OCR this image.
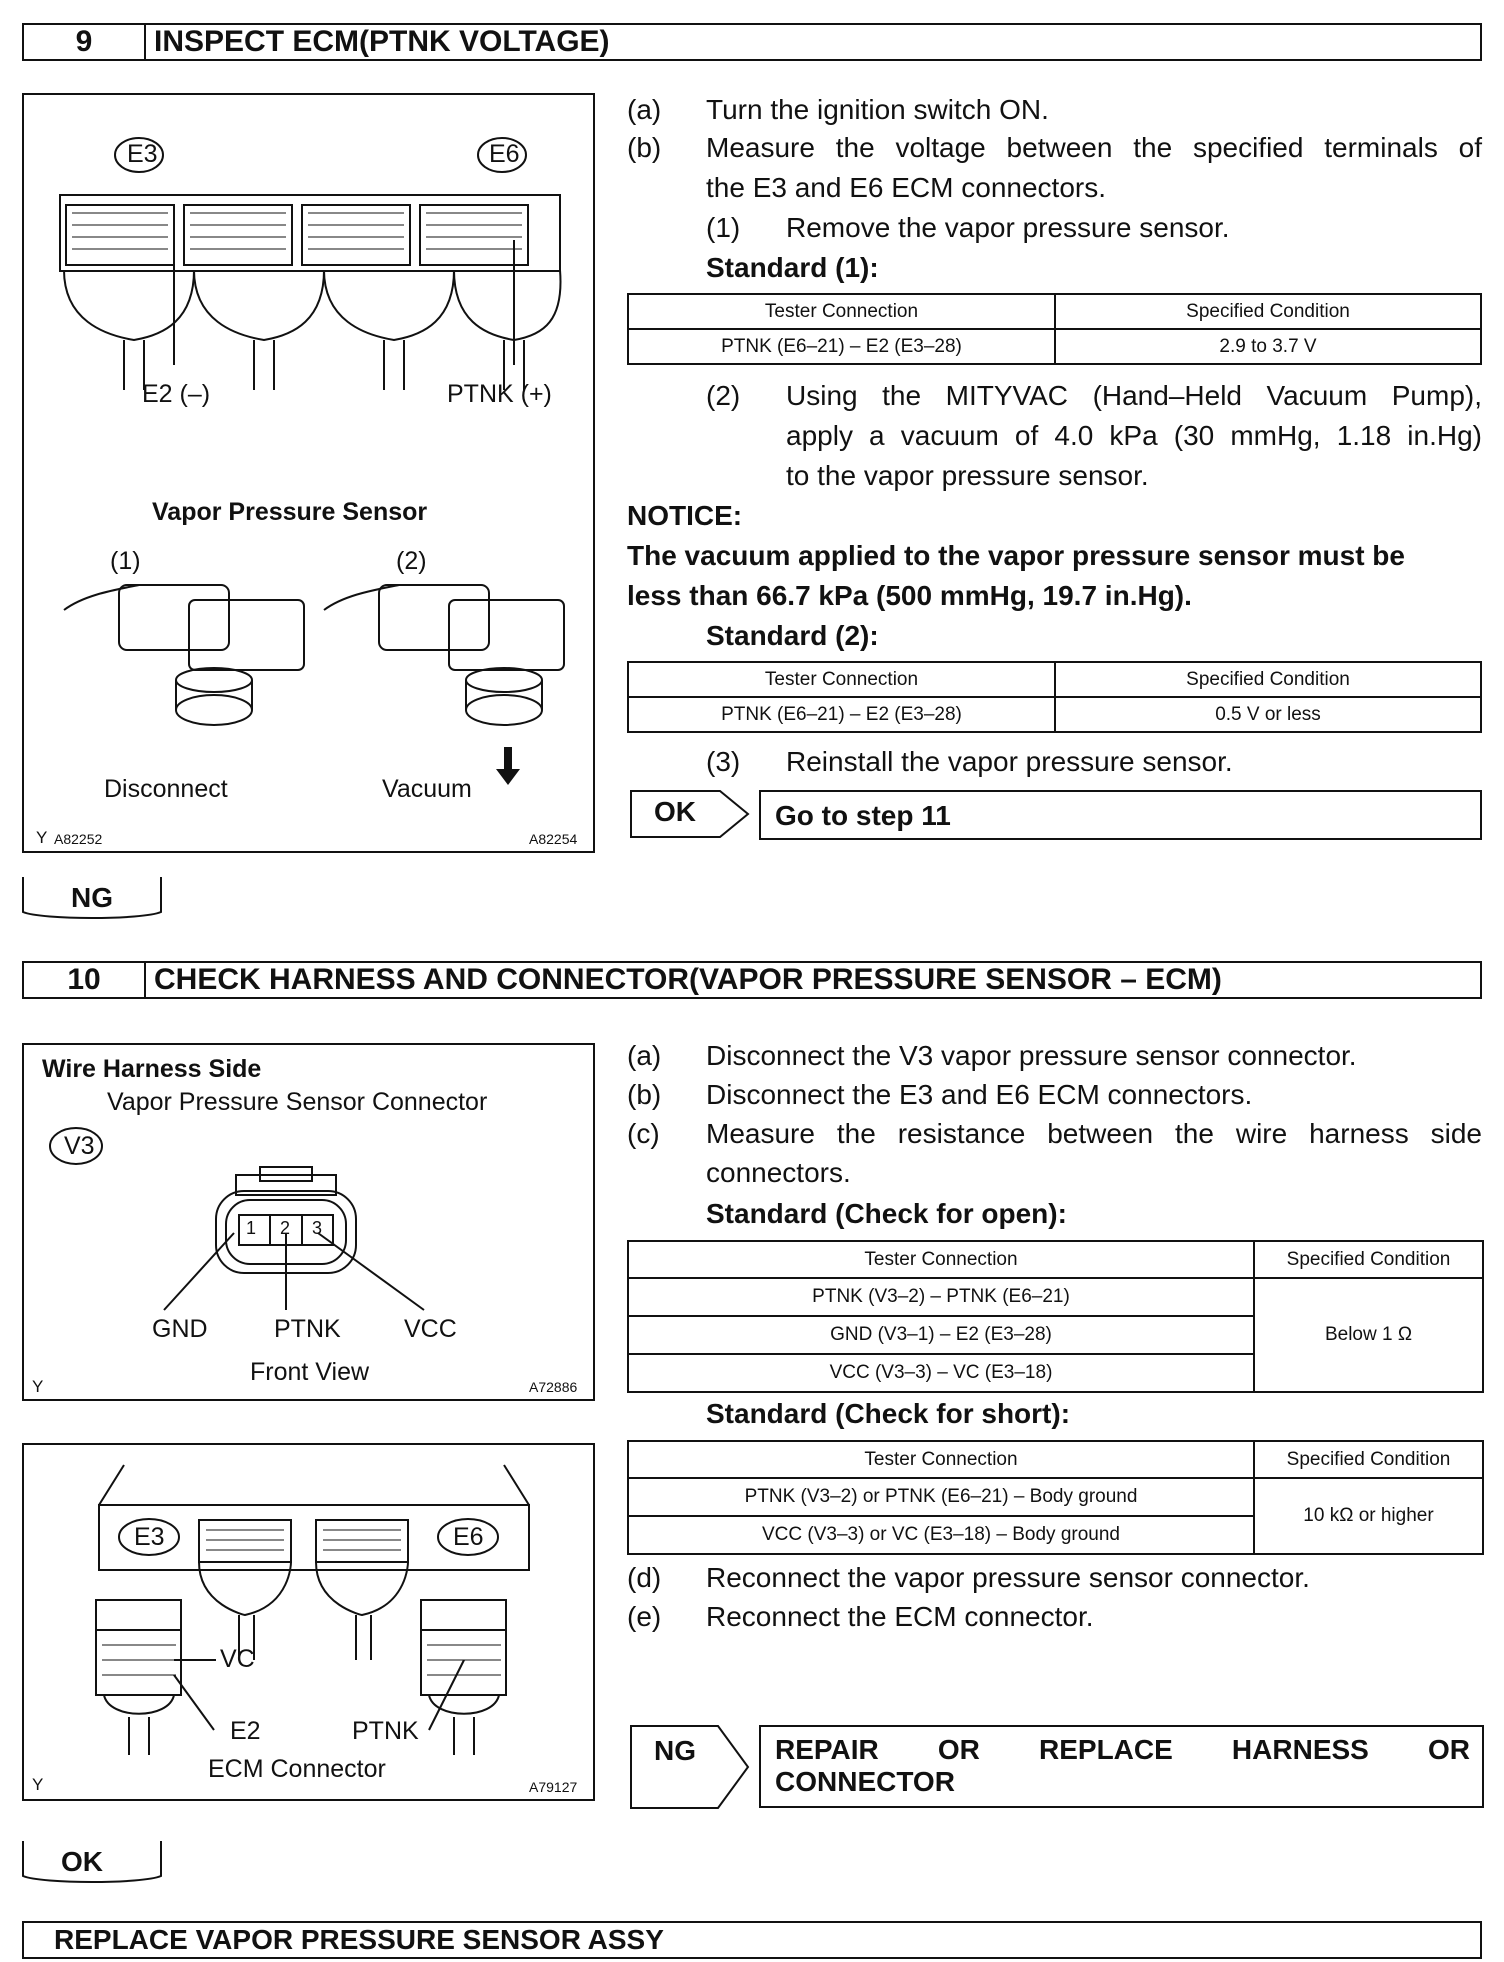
9	INSPECT ECM(PTNK VOLTAGE)
E3	E6
E2 (–)	PTNK (+)
Vapor Pressure Sensor
(1)	(2)
Disconnect	Vacuum
Y A82252	A82254
(a) Turn the ignition switch ON.
(b) Measure the voltage between the specified terminals of
the E3 and E6 ECM connectors.
(1) Remove the vapor pressure sensor.
Standard (1):
Tester Connection	Specified Condition
PTNK (E6–21) – E2 (E3–28)	2.9 to 3.7 V
(2) Using the MITYVAC (Hand–Held Vacuum Pump),
apply a vacuum of 4.0 kPa (30 mmHg, 1.18 in.Hg)
to the vapor pressure sensor.
NOTICE:
The vacuum applied to the vapor pressure sensor must be
less than 66.7 kPa (500 mmHg, 19.7 in.Hg).
Standard (2):
Tester Connection	Specified Condition
PTNK (E6–21) – E2 (E3–28)	0.5 V or less
(3) Reinstall the vapor pressure sensor.
OK	Go to step 11
NG
10	CHECK HARNESS AND CONNECTOR(VAPOR PRESSURE SENSOR – ECM)
Wire Harness Side
Vapor Pressure Sensor Connector
V3
1 2 3
GND	PTNK	VCC
Front View
Y	A72886
E3	E6
VC
E2	PTNK
ECM Connector
Y	A79127
(a) Disconnect the V3 vapor pressure sensor connector.
(b) Disconnect the E3 and E6 ECM connectors.
(c) Measure the resistance between the wire harness side
connectors.
Standard (Check for open):
Tester Connection	Specified Condition
PTNK (V3–2) – PTNK (E6–21)	Below 1 Ω
GND (V3–1) – E2 (E3–28)	
VCC (V3–3) – VC (E3–18)	
Standard (Check for short):
Tester Connection	Specified Condition
PTNK (V3–2) or PTNK (E6–21) – Body ground	10 kΩ or higher
VCC (V3–3) or VC (E3–18) – Body ground	
(d) Reconnect the vapor pressure sensor connector.
(e) Reconnect the ECM connector.
NG	REPAIR OR REPLACE HARNESS OR
CONNECTOR
OK
REPLACE VAPOR PRESSURE SENSOR ASSY
